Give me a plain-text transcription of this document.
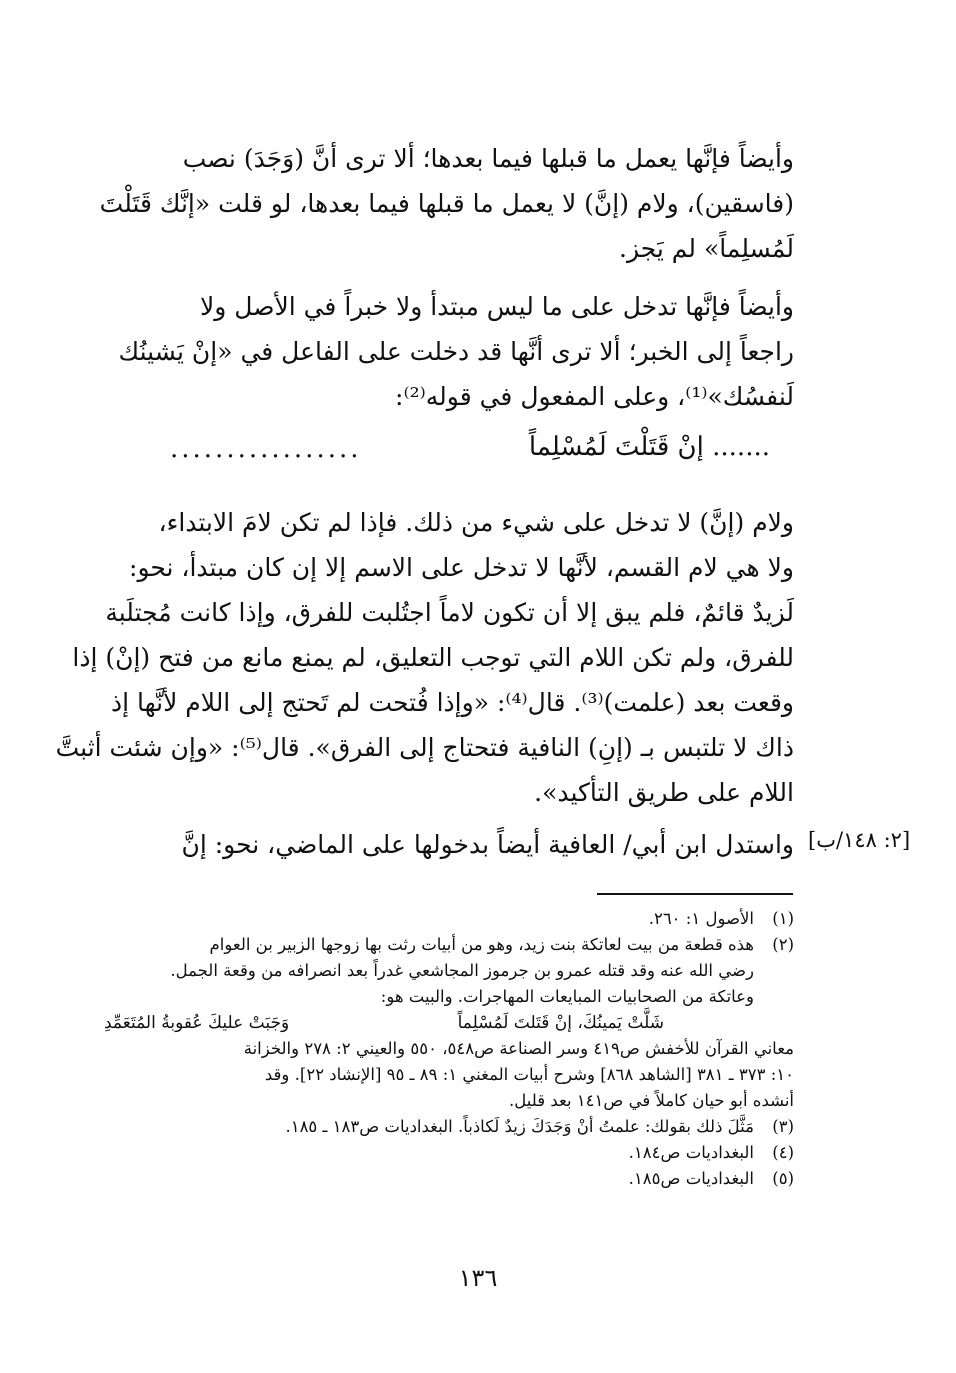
وأيضاً فإنَّها يعمل ما قبلها فيما بعدها؛ ألا ترى أنَّ (وَجَدَ) نصب
(فاسقين)، ولام (إنَّ) لا يعمل ما قبلها فيما بعدها، لو قلت «إنَّك قَتَلْتَ
لَمُسلِماً» لم يَجز.
وأيضاً فإنَّها تدخل على ما ليس مبتدأ ولا خبراً في الأصل ولا
راجعاً إلى الخبر؛ ألا ترى أنَّها قد دخلت على الفاعل في «إنْ يَشينُك
لَنفسُك»⁽¹⁾، وعلى المفعول في قوله⁽²⁾:
....... إنْ قَتَلْتَ لَمُسْلِماً
.................
ولام (إنَّ) لا تدخل على شيء من ذلك. فإذا لم تكن لامَ الابتداء،
ولا هي لام القسم، لأنَّها لا تدخل على الاسم إلا إن كان مبتدأ، نحو:
لَزيدٌ قائمٌ، فلم يبق إلا أن تكون لاماً اجتُلبت للفرق، وإذا كانت مُجتلَبة
للفرق، ولم تكن اللام التي توجب التعليق، لم يمنع مانع من فتح (إنْ) إذا
وقعت بعد (علمت)⁽³⁾. قال⁽⁴⁾: «وإذا فُتحت لم تَحتج إلى اللام لأنَّها إذ
ذاك لا تلتبس بـ (إنِ) النافية فتحتاج إلى الفرق». قال⁽⁵⁾: «وإن شئت أثبتَّ
اللام على طريق التأكيد».
واستدل ابن أبي/ العافية أيضاً بدخولها على الماضي، نحو: إنَّ [٢: ١٤٨/ب]
(١)
الأصول ١: ٢٦٠.
(٢)
هذه قطعة من بيت لعاتكة بنت زيد، وهو من أبيات رثت بها زوجها الزبير بن العوام
رضي الله عنه وقد قتله عمرو بن جرموز المجاشعي غدراً بعد انصرافه من وقعة الجمل.
وعاتكة من الصحابيات المبايعات المهاجرات. والبيت هو:
شَلَّتْ يَمينُكَ، إنْ قَتَلتَ لَمُسْلِماً
وَجَبَتْ عليكَ عُقوبةُ المُتَعَمِّدِ
معاني القرآن للأخفش ص٤١٩ وسر الصناعة ص٥٤٨، ٥٥٠ والعيني ٢: ٢٧٨ والخزانة
١٠: ٣٧٣ ـ ٣٨١ [الشاهد ٨٦٨] وشرح أبيات المغني ١: ٨٩ ـ ٩٥ [الإنشاد ٢٢]. وقد
أنشده أبو حيان كاملاً في ص١٤١ بعد قليل.
(٣)
مَثَّلَ ذلك بقولك: علمتُ أنْ وَجَدَكَ زيدٌ لَكاذباً. البغداديات ص١٨٣ ـ ١٨٥.
(٤)
البغداديات ص١٨٤.
(٥)
البغداديات ص١٨٥.
١٣٦
